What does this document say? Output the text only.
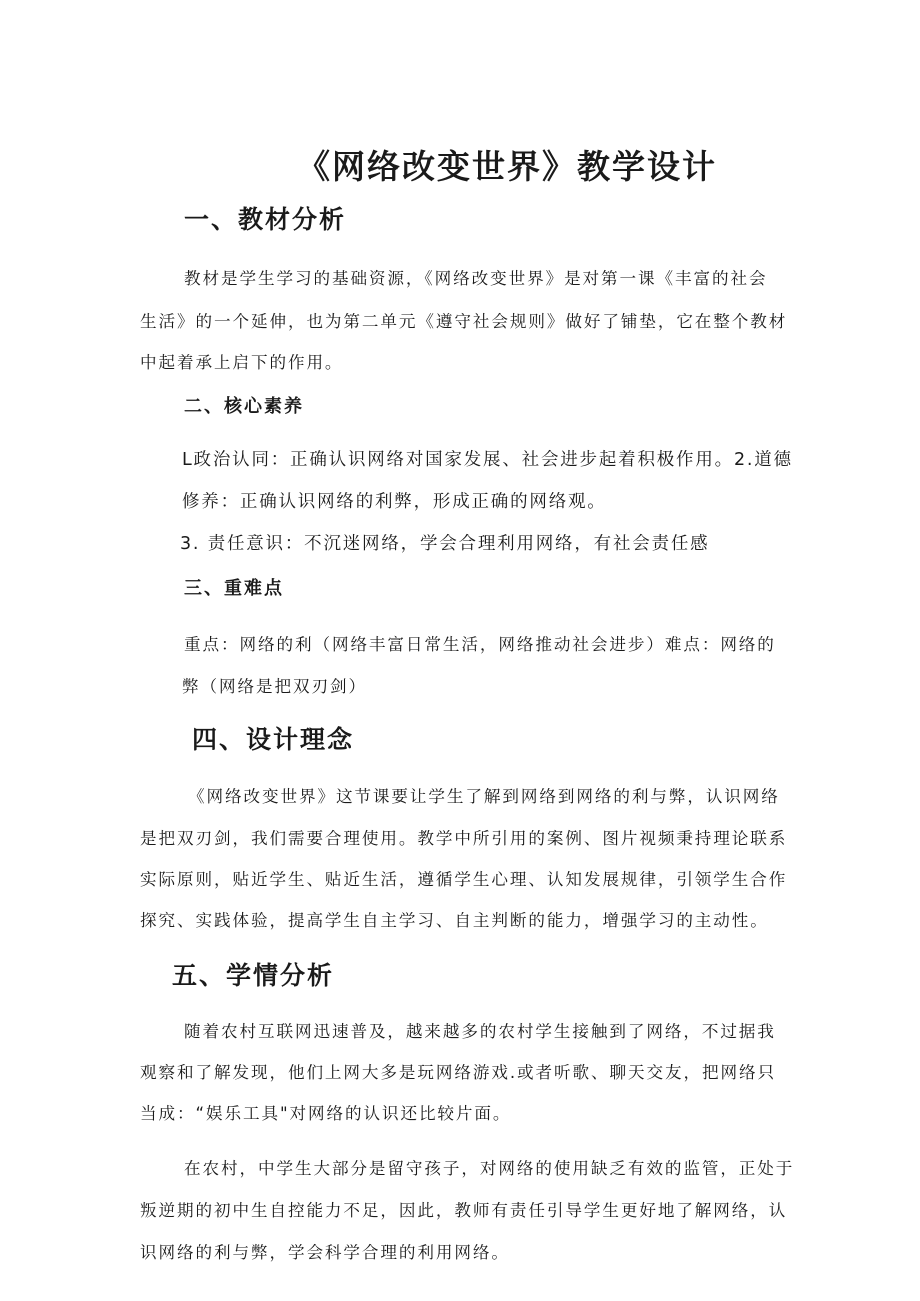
《网络改变世界》教学设计
一、教材分析

教材是学生学习的基础资源，《网络改变世界》是对第一课《丰富的社会

生活》的一个延伸，也为第二单元《遵守社会规则》做好了铺垫，它在整个教材

中起着承上启下的作用。

二、核心素养

L政治认同：正确认识网络对国家发展、社会进步起着积极作用。2.道德

修养：正确认识网络的利弊，形成正确的网络观。

3. 责任意识：不沉迷网络，学会合理利用网络，有社会责任感

三、重难点

重点：网络的利（网络丰富日常生活，网络推动社会进步）难点：网络的

弊（网络是把双刃剑）

四、设计理念

《网络改变世界》这节课要让学生了解到网络到网络的利与弊，认识网络

是把双刃剑，我们需要合理使用。教学中所引用的案例、图片视频秉持理论联系

实际原则，贴近学生、贴近生活，遵循学生心理、认知发展规律，引领学生合作

探究、实践体验，提高学生自主学习、自主判断的能力，增强学习的主动性。

五、学情分析

随着农村互联网迅速普及，越来越多的农村学生接触到了网络，不过据我

观察和了解发现，他们上网大多是玩网络游戏.或者听歌、聊天交友，把网络只

当成：“娱乐工具"对网络的认识还比较片面。

在农村，中学生大部分是留守孩子，对网络的使用缺乏有效的监管，正处于

叛逆期的初中生自控能力不足，因此，教师有责任引导学生更好地了解网络，认

识网络的利与弊，学会科学合理的利用网络。
